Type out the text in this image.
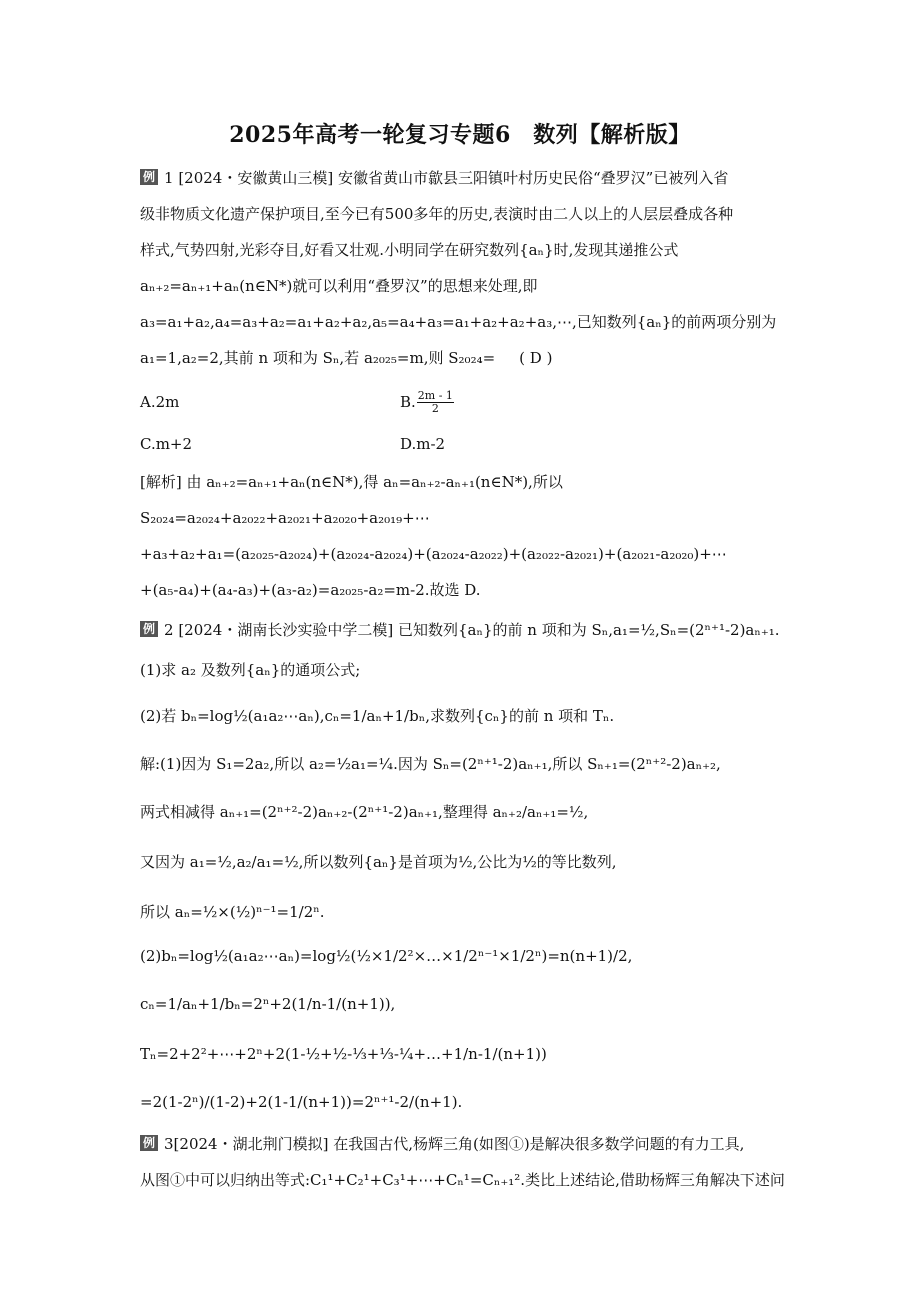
2025年高考一轮复习专题6　数列【解析版】
例 1 [2024・安徽黄山三模] 安徽省黄山市歙县三阳镇叶村历史民俗“叠罗汉”已被列入省
级非物质文化遗产保护项目,至今已有500多年的历史,表演时由二人以上的人层层叠成各种
样式,气势四射,光彩夺目,好看又壮观.小明同学在研究数列{aₙ}时,发现其递推公式
aₙ₊₂=aₙ₊₁+aₙ(n∈N*)就可以利用“叠罗汉”的思想来处理,即
a₃=a₁+a₂,a₄=a₃+a₂=a₁+a₂+a₂,a₅=a₄+a₃=a₁+a₂+a₂+a₃,⋯,已知数列{aₙ}的前两项分别为
a₁=1,a₂=2,其前 n 项和为 Sₙ,若 a₂₀₂₅=m,则 S₂₀₂₄= ( D )
A.2m	B. $\frac{2m - 1}{2}$
C.m+2	D.m-2
[解析] 由 aₙ₊₂=aₙ₊₁+aₙ(n∈N*),得 aₙ=aₙ₊₂-aₙ₊₁(n∈N*),所以
S₂₀₂₄=a₂₀₂₄+a₂₀₂₂+a₂₀₂₁+a₂₀₂₀+a₂₀₁₉+⋯
+a₃+a₂+a₁=(a₂₀₂₅-a₂₀₂₄)+(a₂₀₂₄-a₂₀₂₄)+(a₂₀₂₄-a₂₀₂₂)+(a₂₀₂₂-a₂₀₂₁)+(a₂₀₂₁-a₂₀₂₀)+⋯
+(a₅-a₄)+(a₄-a₃)+(a₃-a₂)=a₂₀₂₅-a₂=m-2.故选 D.
例 2 [2024・湖南长沙实验中学二模] 已知数列{aₙ}的前 n 项和为 Sₙ,a₁=½,Sₙ=(2ⁿ⁺¹-2)aₙ₊₁.
(1)求 a₂ 及数列{aₙ}的通项公式;
(2)若 bₙ=log½(a₁a₂⋯aₙ),cₙ=1/aₙ+1/bₙ,求数列{cₙ}的前 n 项和 Tₙ.
解:(1)因为 S₁=2a₂,所以 a₂=½a₁=¼.因为 Sₙ=(2ⁿ⁺¹-2)aₙ₊₁,所以 Sₙ₊₁=(2ⁿ⁺²-2)aₙ₊₂,
两式相减得 aₙ₊₁=(2ⁿ⁺²-2)aₙ₊₂-(2ⁿ⁺¹-2)aₙ₊₁,整理得 aₙ₊₂/aₙ₊₁=½,
又因为 a₁=½,a₂/a₁=½,所以数列{aₙ}是首项为½,公比为½的等比数列,
所以 aₙ=½×(½)ⁿ⁻¹=1/2ⁿ.
(2)bₙ=log½(a₁a₂⋯aₙ)=log½(½×1/2²×…×1/2ⁿ⁻¹×1/2ⁿ)=n(n+1)/2,
cₙ=1/aₙ+1/bₙ=2ⁿ+2(1/n-1/(n+1)),
Tₙ=2+2²+⋯+2ⁿ+2(1-½+½-⅓+⅓-¼+…+1/n-1/(n+1))
=2(1-2ⁿ)/(1-2)+2(1-1/(n+1))=2ⁿ⁺¹-2/(n+1).
例 3[2024・湖北荆门模拟] 在我国古代,杨辉三角(如图①)是解决很多数学问题的有力工具,
从图①中可以归纳出等式:C₁¹+C₂¹+C₃¹+⋯+Cₙ¹=Cₙ₊₁².类比上述结论,借助杨辉三角解决下述问
